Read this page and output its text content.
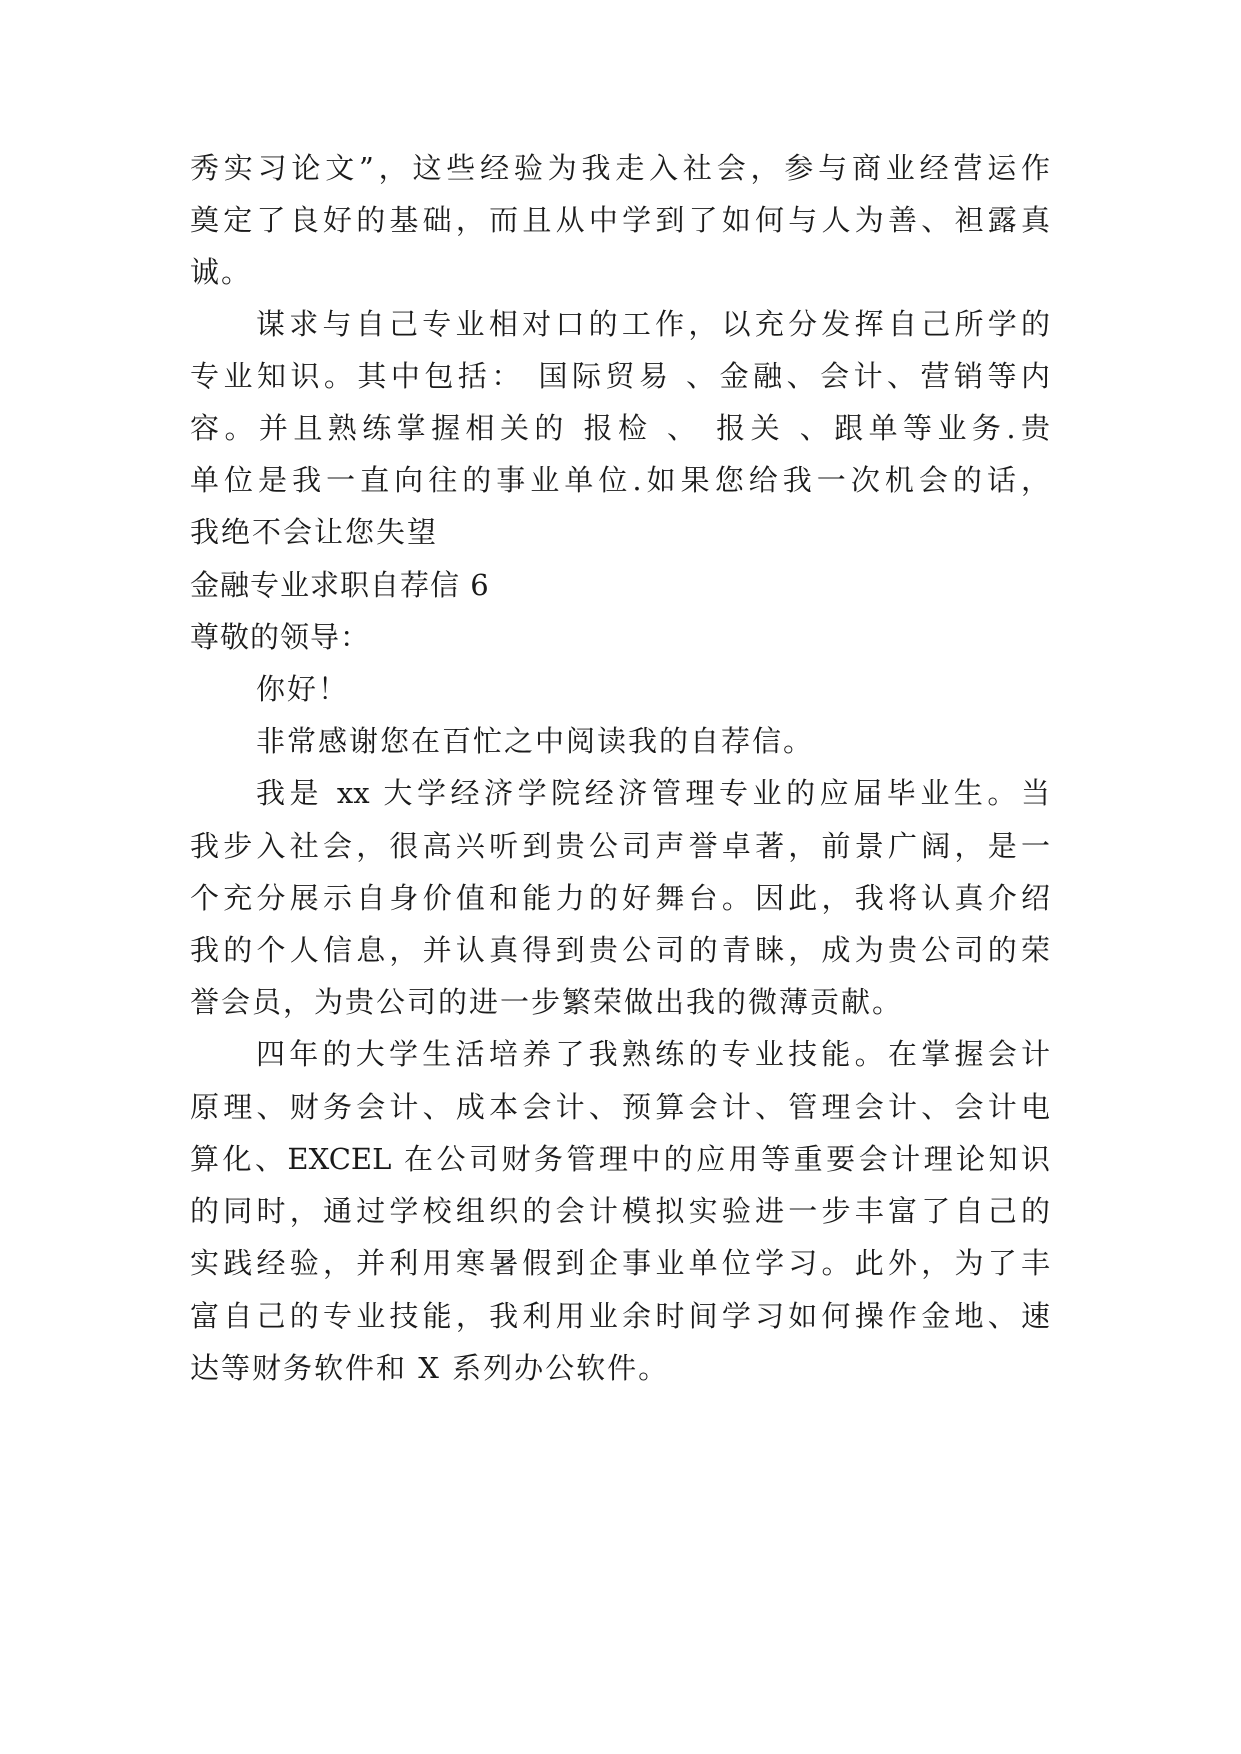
秀实习论文”，这些经验为我走入社会，参与商业经营运作
奠定了良好的基础，而且从中学到了如何与人为善、袒露真
诚。
谋求与自己专业相对口的工作，以充分发挥自己所学的
专业知识。其中包括： 国际贸易 、金融、会计、营销等内
容。并且熟练掌握相关的 报检 、 报关 、跟单等业务.贵
单位是我一直向往的事业单位.如果您给我一次机会的话，
我绝不会让您失望
金融专业求职自荐信 6
尊敬的领导：
你好！
非常感谢您在百忙之中阅读我的自荐信。
我是 xx 大学经济学院经济管理专业的应届毕业生。当
我步入社会，很高兴听到贵公司声誉卓著，前景广阔，是一
个充分展示自身价值和能力的好舞台。因此，我将认真介绍
我的个人信息，并认真得到贵公司的青睐，成为贵公司的荣
誉会员，为贵公司的进一步繁荣做出我的微薄贡献。
四年的大学生活培养了我熟练的专业技能。在掌握会计
原理、财务会计、成本会计、预算会计、管理会计、会计电
算化、EXCEL 在公司财务管理中的应用等重要会计理论知识
的同时，通过学校组织的会计模拟实验进一步丰富了自己的
实践经验，并利用寒暑假到企事业单位学习。此外，为了丰
富自己的专业技能，我利用业余时间学习如何操作金地、速
达等财务软件和 X 系列办公软件。
